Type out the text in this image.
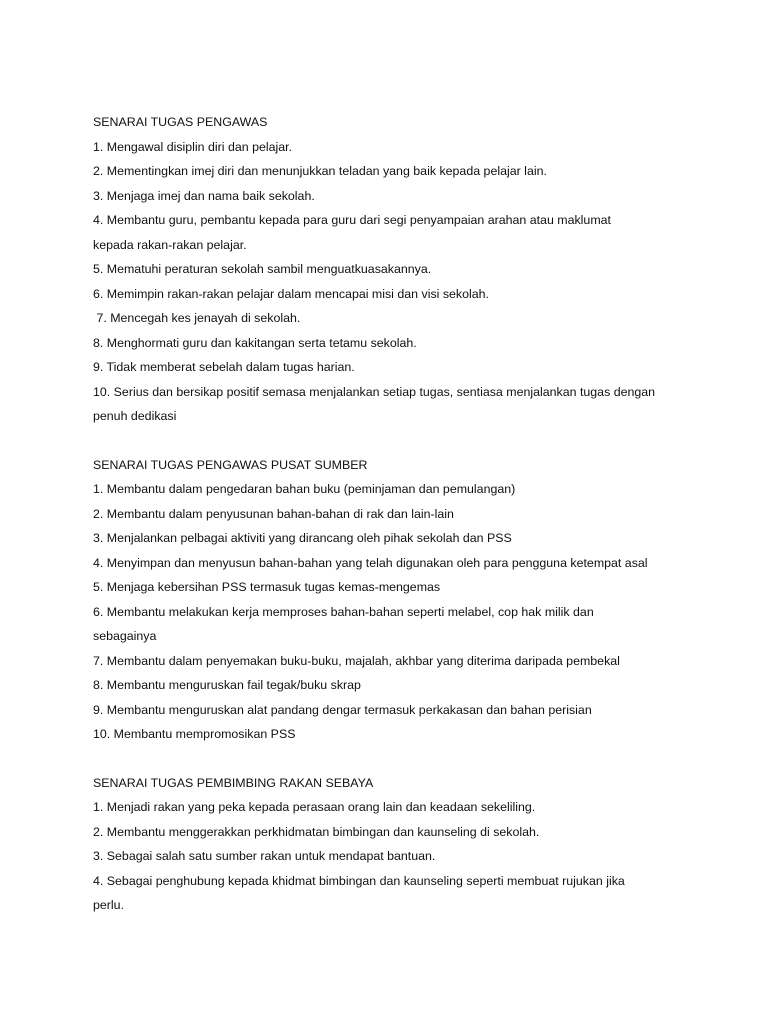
SENARAI TUGAS PENGAWAS
1. Mengawal disiplin diri dan pelajar.
2. Mementingkan imej diri dan menunjukkan teladan yang baik kepada pelajar lain.
3. Menjaga imej dan nama baik sekolah.
4. Membantu guru, pembantu kepada para guru dari segi penyampaian arahan atau maklumat
kepada rakan-rakan pelajar.
5. Mematuhi peraturan sekolah sambil menguatkuasakannya.
6. Memimpin rakan-rakan pelajar dalam mencapai misi dan visi sekolah.
7. Mencegah kes jenayah di sekolah.
8. Menghormati guru dan kakitangan serta tetamu sekolah.
9. Tidak memberat sebelah dalam tugas harian.
10. Serius dan bersikap positif semasa menjalankan setiap tugas, sentiasa menjalankan tugas dengan
penuh dedikasi
SENARAI TUGAS PENGAWAS PUSAT SUMBER
1. Membantu dalam pengedaran bahan buku (peminjaman dan pemulangan)
2. Membantu dalam penyusunan bahan-bahan di rak dan lain-lain
3. Menjalankan pelbagai aktiviti yang dirancang oleh pihak sekolah dan PSS
4. Menyimpan dan menyusun bahan-bahan yang telah digunakan oleh para pengguna ketempat asal
5. Menjaga kebersihan PSS termasuk tugas kemas-mengemas
6. Membantu melakukan kerja memproses bahan-bahan seperti melabel, cop hak milik dan
sebagainya
7. Membantu dalam penyemakan buku-buku, majalah, akhbar yang diterima daripada pembekal
8. Membantu menguruskan fail tegak/buku skrap
9. Membantu menguruskan alat pandang dengar termasuk perkakasan dan bahan perisian
10. Membantu mempromosikan PSS
SENARAI TUGAS PEMBIMBING RAKAN SEBAYA
1. Menjadi rakan yang peka kepada perasaan orang lain dan keadaan sekeliling.
2. Membantu menggerakkan perkhidmatan bimbingan dan kaunseling di sekolah.
3. Sebagai salah satu sumber rakan untuk mendapat bantuan.
4. Sebagai penghubung kepada khidmat bimbingan dan kaunseling seperti membuat rujukan jika
perlu.
